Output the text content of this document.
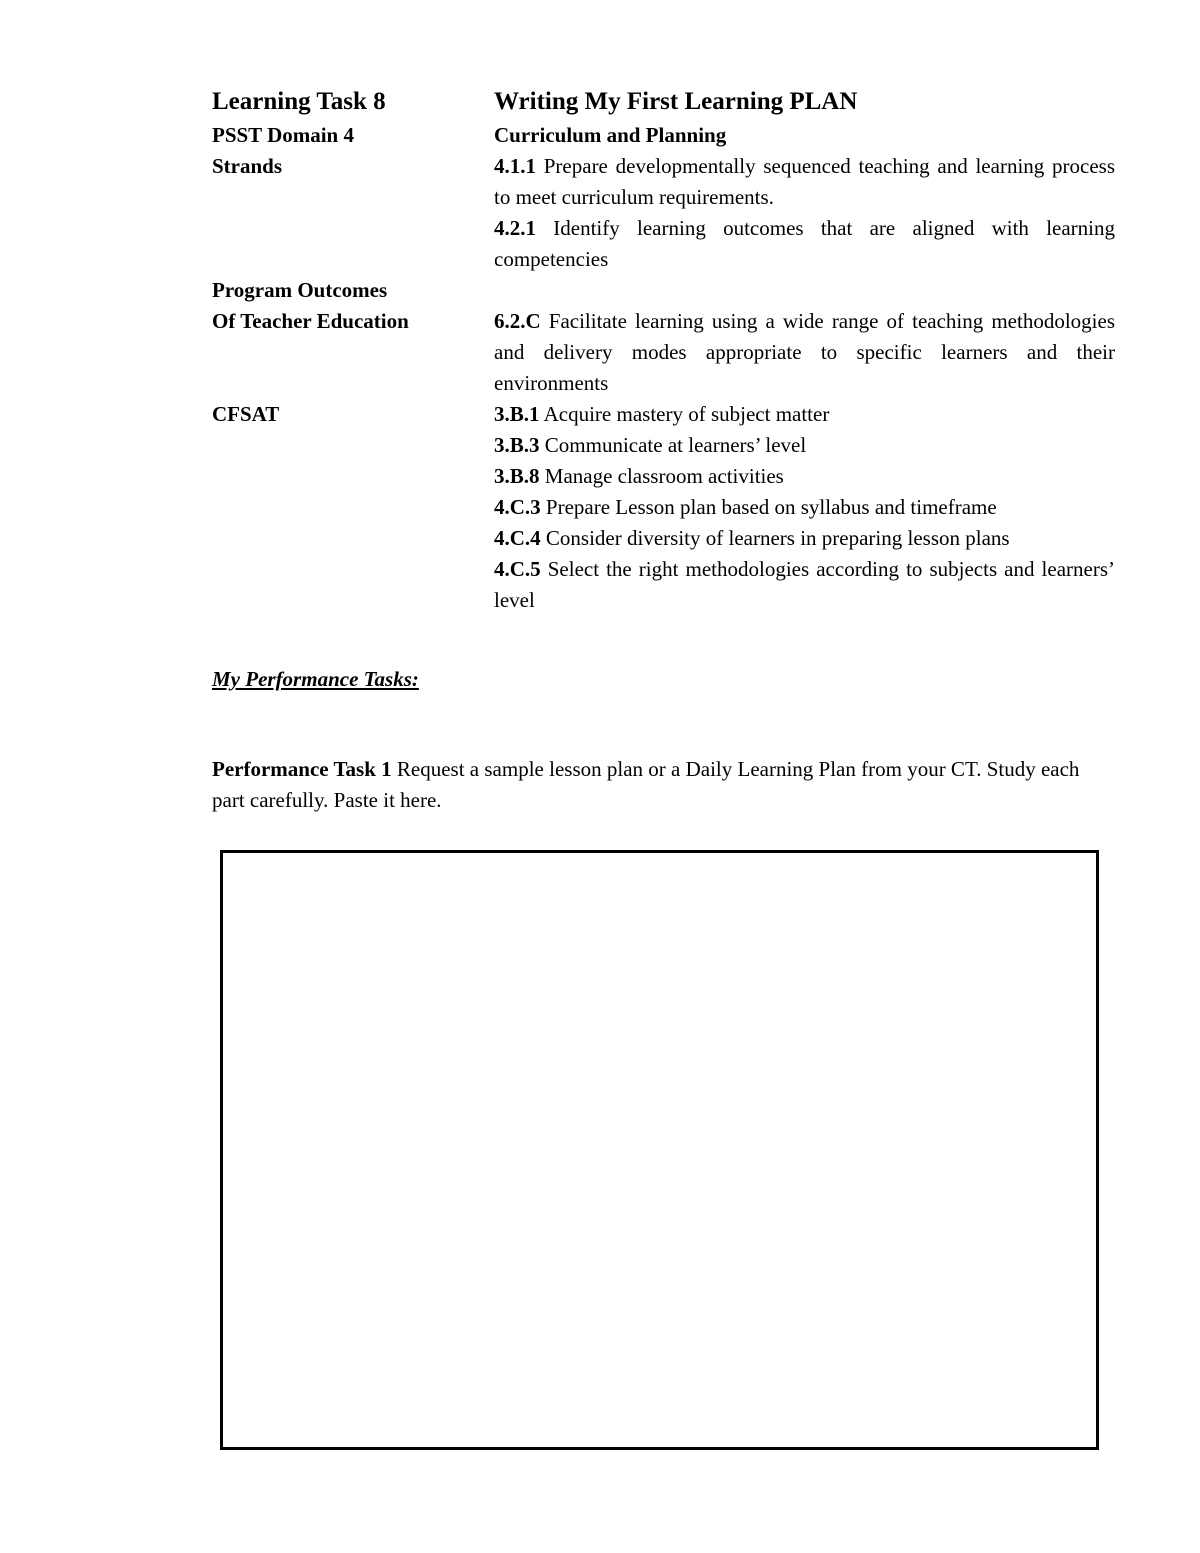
Learning Task 8	Writing My First Learning PLAN
PSST Domain 4	Curriculum and Planning
Strands	4.1.1 Prepare developmentally sequenced teaching and learning process to meet curriculum requirements.
4.2.1 Identify learning outcomes that are aligned with learning competencies
Program Outcomes
Of Teacher Education	6.2.C Facilitate learning using a wide range of teaching methodologies and delivery modes appropriate to specific learners and their environments
CFSAT	3.B.1 Acquire mastery of subject matter
3.B.3 Communicate at learners’ level
3.B.8 Manage classroom activities
4.C.3 Prepare Lesson plan based on syllabus and timeframe
4.C.4 Consider diversity of learners in preparing lesson plans
4.C.5 Select the right methodologies according to subjects and learners’ level
My Performance Tasks:
Performance Task 1 Request a sample lesson plan or a Daily Learning Plan from your CT. Study each part carefully. Paste it here.
